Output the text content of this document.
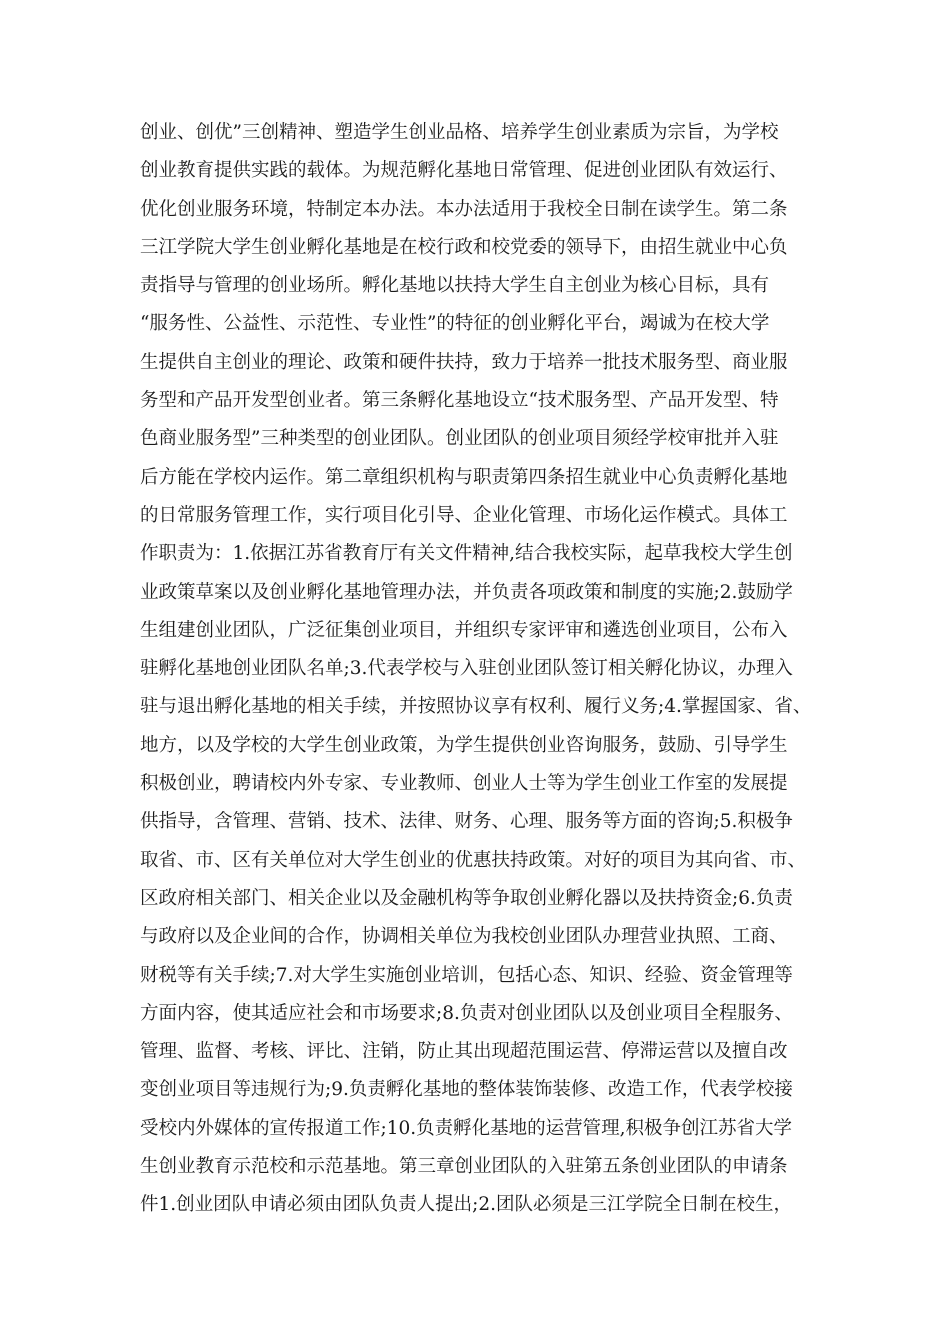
创业、创优”三创精神、塑造学生创业品格、培养学生创业素质为宗旨，为学校
创业教育提供实践的载体。为规范孵化基地日常管理、促进创业团队有效运行、
优化创业服务环境，特制定本办法。本办法适用于我校全日制在读学生。第二条
三江学院大学生创业孵化基地是在校行政和校党委的领导下，由招生就业中心负
责指导与管理的创业场所。孵化基地以扶持大学生自主创业为核心目标，具有
“服务性、公益性、示范性、专业性”的特征的创业孵化平台，竭诚为在校大学
生提供自主创业的理论、政策和硬件扶持，致力于培养一批技术服务型、商业服
务型和产品开发型创业者。第三条孵化基地设立“技术服务型、产品开发型、特
色商业服务型”三种类型的创业团队。创业团队的创业项目须经学校审批并入驻
后方能在学校内运作。第二章组织机构与职责第四条招生就业中心负责孵化基地
的日常服务管理工作，实行项目化引导、企业化管理、市场化运作模式。具体工
作职责为：1.依据江苏省教育厅有关文件精神,结合我校实际，起草我校大学生创
业政策草案以及创业孵化基地管理办法，并负责各项政策和制度的实施;2.鼓励学
生组建创业团队，广泛征集创业项目，并组织专家评审和遴选创业项目，公布入
驻孵化基地创业团队名单;3.代表学校与入驻创业团队签订相关孵化协议，办理入
驻与退出孵化基地的相关手续，并按照协议享有权利、履行义务;4.掌握国家、省、
地方，以及学校的大学生创业政策，为学生提供创业咨询服务，鼓励、引导学生
积极创业，聘请校内外专家、专业教师、创业人士等为学生创业工作室的发展提
供指导，含管理、营销、技术、法律、财务、心理、服务等方面的咨询;5.积极争
取省、市、区有关单位对大学生创业的优惠扶持政策。对好的项目为其向省、市、
区政府相关部门、相关企业以及金融机构等争取创业孵化器以及扶持资金;6.负责
与政府以及企业间的合作，协调相关单位为我校创业团队办理营业执照、工商、
财税等有关手续;7.对大学生实施创业培训，包括心态、知识、经验、资金管理等
方面内容，使其适应社会和市场要求;8.负责对创业团队以及创业项目全程服务、
管理、监督、考核、评比、注销，防止其出现超范围运营、停滞运营以及擅自改
变创业项目等违规行为;9.负责孵化基地的整体装饰装修、改造工作，代表学校接
受校内外媒体的宣传报道工作;10.负责孵化基地的运营管理,积极争创江苏省大学
生创业教育示范校和示范基地。第三章创业团队的入驻第五条创业团队的申请条
件1.创业团队申请必须由团队负责人提出;2.团队必须是三江学院全日制在校生，
